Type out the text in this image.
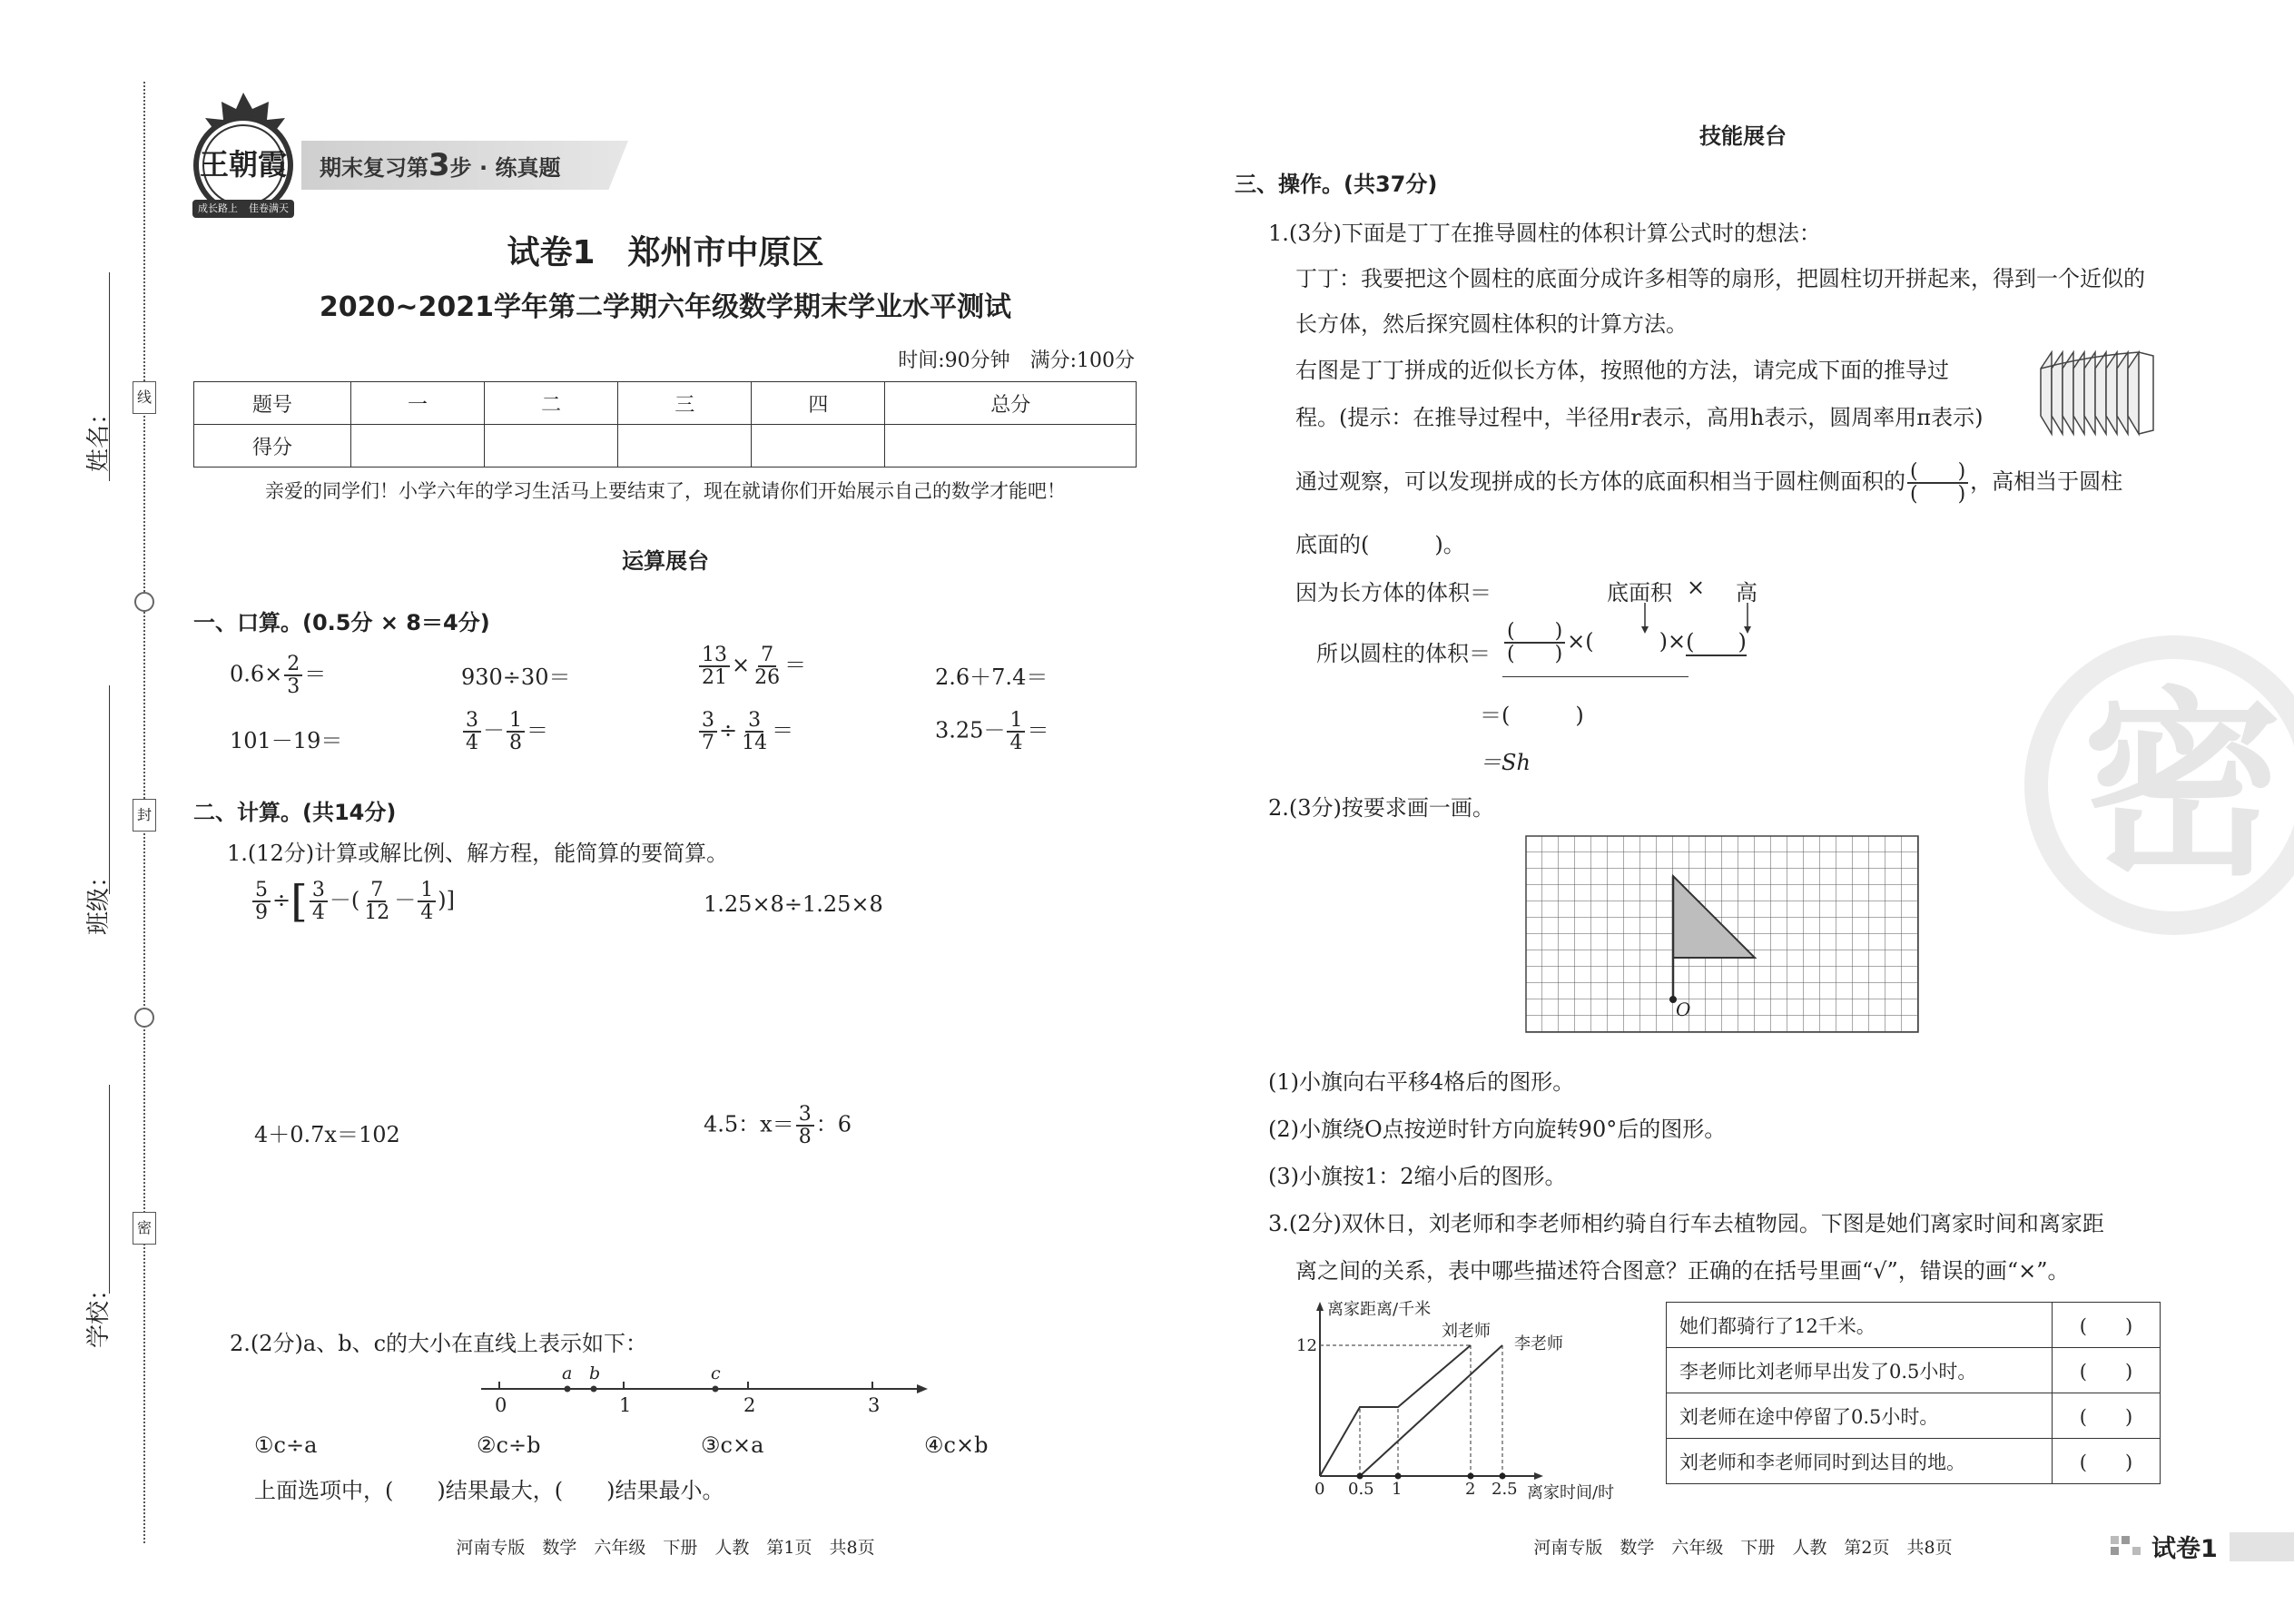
线
封
密
姓名：
班级：
学校：
王朝霞
成长路上 佳卷满天
期末复习第3步 · 练真题
试卷1　郑州市中原区
2020~2021学年第二学期六年级数学期末学业水平测试
时间:90分钟　满分:100分
题号	一	二	三	四	总分
得分					
亲爱的同学们！小学六年的学习生活马上要结束了，现在就请你们开始展示自己的数学才能吧！
运算展台
一、口算。(0.5分 × 8＝4分)
$0.6\times \frac{2}{3}$ ＝	930÷30＝	$\frac{13}{21} \times \frac{7}{26}$ ＝	2.6＋7.4＝
101－19＝	$\frac{3}{4} - \frac{1}{8}$ ＝	$\frac{3}{7} \div \frac{3}{14}$ ＝	$3.25- \frac{1}{4}$ ＝
二、计算。(共14分)
1.(12分)计算或解比例、解方程，能简算的要简算。
$\frac{5}{9}$ ÷[ $\frac{3}{4}$ －( $\frac{7}{12} - \frac{1}{4}$ )]	1.25×8÷1.25×8
4＋0.7x＝102	4.5：$x= \frac{3}{8}$ ：6
2.(2分)a、b、c的大小在直线上表示如下：
0	1	2	3
a b	c
①c÷a	②c÷b	③c×a	④c×b
上面选项中，(　　)结果最大，(　　)结果最小。
河南专版　数学　六年级　下册　人教　第1页　共8页
技能展台
三、操作。(共37分)
1.(3分)下面是丁丁在推导圆柱的体积计算公式时的想法：
丁丁：我要把这个圆柱的底面分成许多相等的扇形，把圆柱切开拼起来，得到一个近似的
长方体，然后探究圆柱体积的计算方法。
右图是丁丁拼成的近似长方体，按照他的方法，请完成下面的推导过
程。(提示：在推导过程中，半径用r表示，高用h表示，圆周率用π表示)
通过观察，可以发现拼成的长方体的底面积相当于圆柱侧面积的 $\frac{( )}{( )}$ ，高相当于圆柱
底面的(　　　)。
因为长方体的体积＝	底面积 × 高
所以圆柱的体积＝ $\frac{( )}{( )}$ ×(　　　)×(　　)
＝(　　　)
＝Sh
2.(3分)按要求画一画。
O
(1)小旗向右平移4格后的图形。
(2)小旗绕O点按逆时针方向旋转90°后的图形。
(3)小旗按1：2缩小后的图形。
3.(2分)双休日，刘老师和李老师相约骑自行车去植物园。下图是她们离家时间和离家距
离之间的关系，表中哪些描述符合图意？正确的在括号里画“√”，错误的画“×”。
离家距离/千米
12
刘老师
李老师
0 0.5 1	2 2.5 离家时间/时
她们都骑行了12千米。	(　　)
李老师比刘老师早出发了0.5小时。	(　　)
刘老师在途中停留了0.5小时。	(　　)
刘老师和李老师同时到达目的地。	(　　)
密
河南专版　数学　六年级　下册　人教　第2页　共8页	试卷1
